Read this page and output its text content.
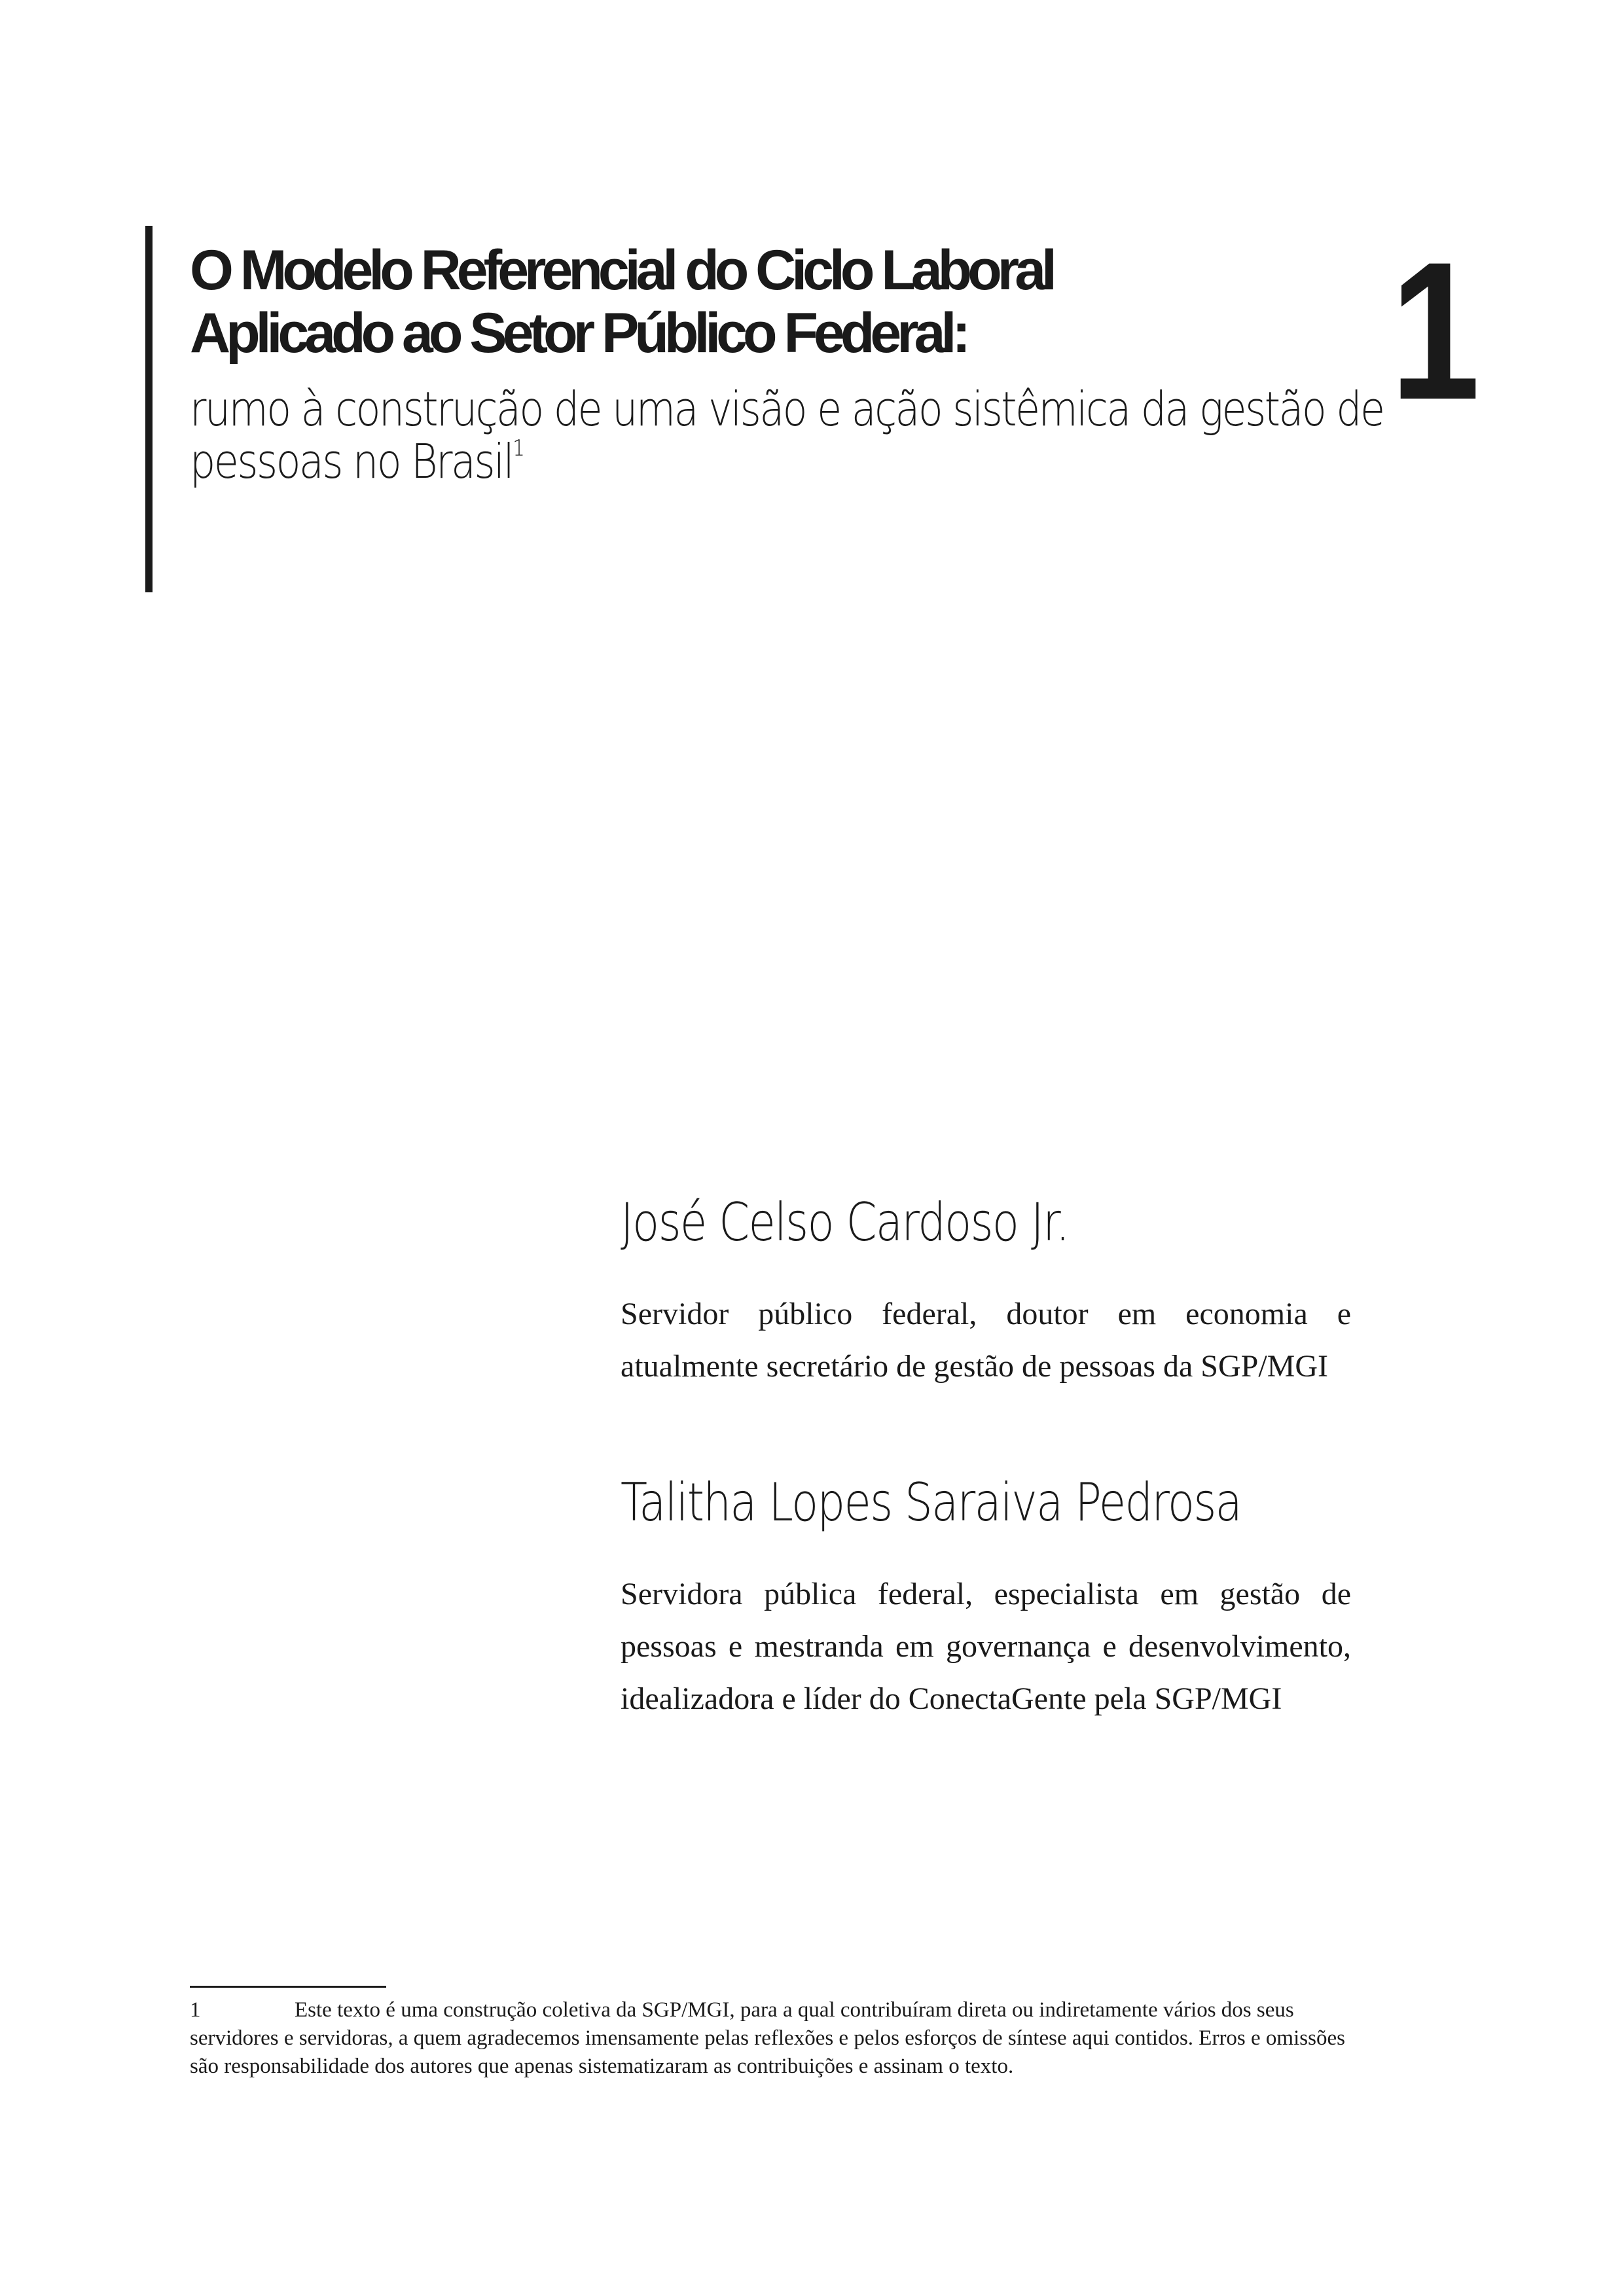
O Modelo Referencial do Ciclo Laboral
Aplicado ao Setor Público Federal:

rumo à construção de uma visão e ação sistêmica da gestão de pessoas no Brasil$^1$

1

José Celso Cardoso Jr.

Servidor público federal, doutor em economia e atualmente secretário de gestão de pessoas da SGP/MGI

Talitha Lopes Saraiva Pedrosa

Servidora pública federal, especialista em gestão de pessoas e mestranda em governança e desenvolvimento, idealizadora e líder do ConectaGente pela SGP/MGI

1	Este texto é uma construção coletiva da SGP/MGI, para a qual contribuíram direta ou indiretamente vários dos seus servidores e servidoras, a quem agradecemos imensamente pelas reflexões e pelos esforços de síntese aqui contidos. Erros e omissões são responsabilidade dos autores que apenas sistematizaram as contribuições e assinam o texto.
